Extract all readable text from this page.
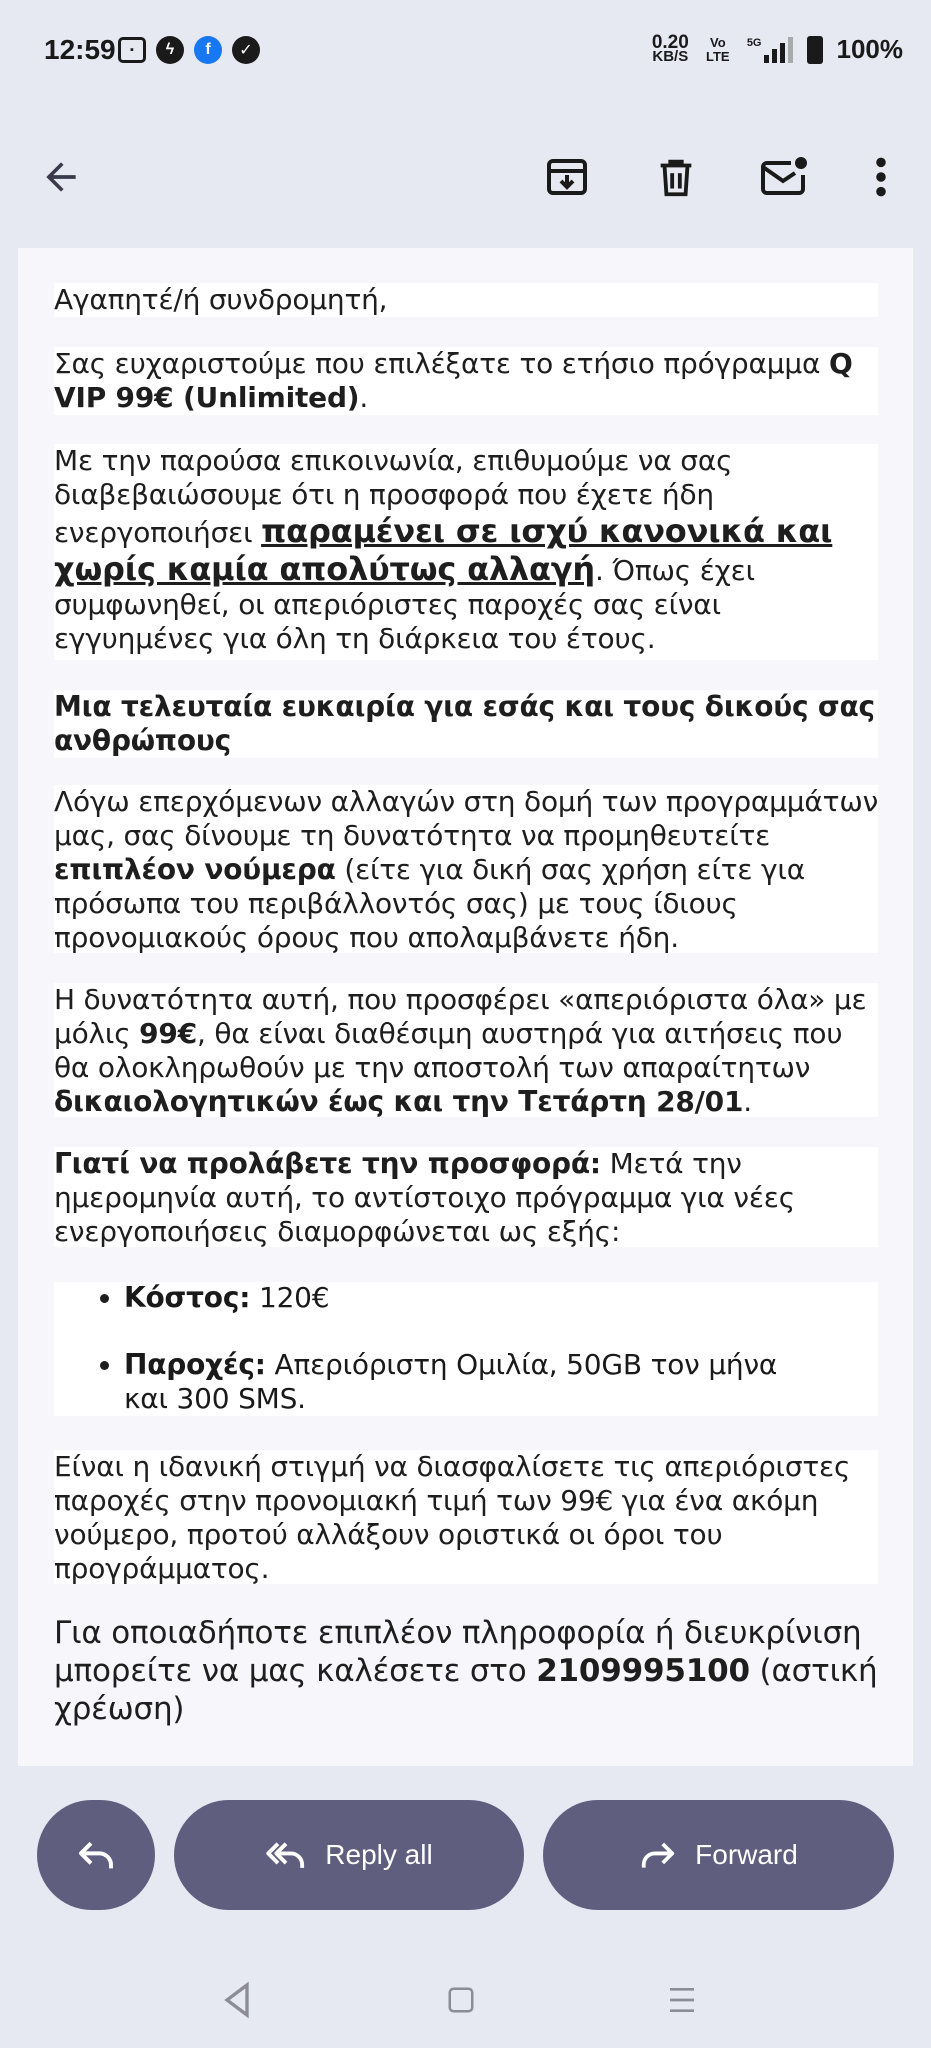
12:59	▪	ϟ	f	✓	0.20
KB/S
Vo LTE
5G	100%
Αγαπητέ/ή συνδρομητή,
Σας ευχαριστούμε που επιλέξατε το ετήσιο πρόγραμμα Q VIP 99€ (Unlimited).
Με την παρούσα επικοινωνία, επιθυμούμε να σας διαβεβαιώσουμε ότι η προσφορά που έχετε ήδη ενεργοποιήσει παραμένει σε ισχύ κανονικά και χωρίς καμία απολύτως αλλαγή. Όπως έχει συμφωνηθεί, οι απεριόριστες παροχές σας είναι εγγυημένες για όλη τη διάρκεια του έτους.
Μια τελευταία ευκαιρία για εσάς και τους δικούς σας ανθρώπους
Λόγω επερχόμενων αλλαγών στη δομή των προγραμμάτων μας, σας δίνουμε τη δυνατότητα να προμηθευτείτε επιπλέον νούμερα (είτε για δική σας χρήση είτε για πρόσωπα του περιβάλλοντός σας) με τους ίδιους προνομιακούς όρους που απολαμβάνετε ήδη.
Η δυνατότητα αυτή, που προσφέρει «απεριόριστα όλα» με μόλις 99€, θα είναι διαθέσιμη αυστηρά για αιτήσεις που θα ολοκληρωθούν με την αποστολή των απαραίτητων δικαιολογητικών έως και την Τετάρτη 28/01.
Γιατί να προλάβετε την προσφορά: Μετά την ημερομηνία αυτή, το αντίστοιχο πρόγραμμα για νέες ενεργοποιήσεις διαμορφώνεται ως εξής:
Κόστος: 120€
Παροχές: Απεριόριστη Ομιλία, 50GB τον μήνα και 300 SMS.
Είναι η ιδανική στιγμή να διασφαλίσετε τις απεριόριστες παροχές στην προνομιακή τιμή των 99€ για ένα ακόμη νούμερο, προτού αλλάξουν οριστικά οι όροι του προγράμματος.
Για οποιαδήποτε επιπλέον πληροφορία ή διευκρίνιση μπορείτε να μας καλέσετε στο 2109995100 (αστική χρέωση)
Reply all	Forward
